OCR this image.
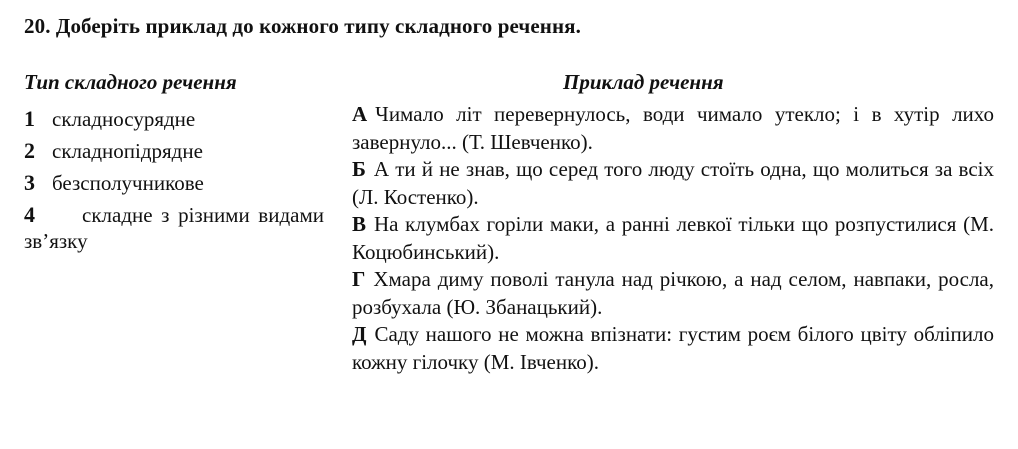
20. Доберіть приклад до кожного типу складного речення.
Тип складного речення	Приклад речення
1 складносурядне
2 складнопідрядне
3 безсполучникове
4	складне з різними видами зв’язку
А Чимало літ перевернулось, води чимало утекло; і в хутір лихо завернуло... (Т. Шевченко).
Б А ти й не знав, що серед того люду стоїть одна, що молиться за всіх (Л. Костенко).
В На клумбах горіли маки, а ранні левкої тільки що розпустилися (М. Коцюбинський).
Г Хмара диму поволі танула над річкою, а над селом, навпаки, росла, розбухала (Ю. Збанацький).
Д Саду нашого не можна впізнати: густим роєм білого цвіту обліпило кожну гілочку (М. Івченко).
